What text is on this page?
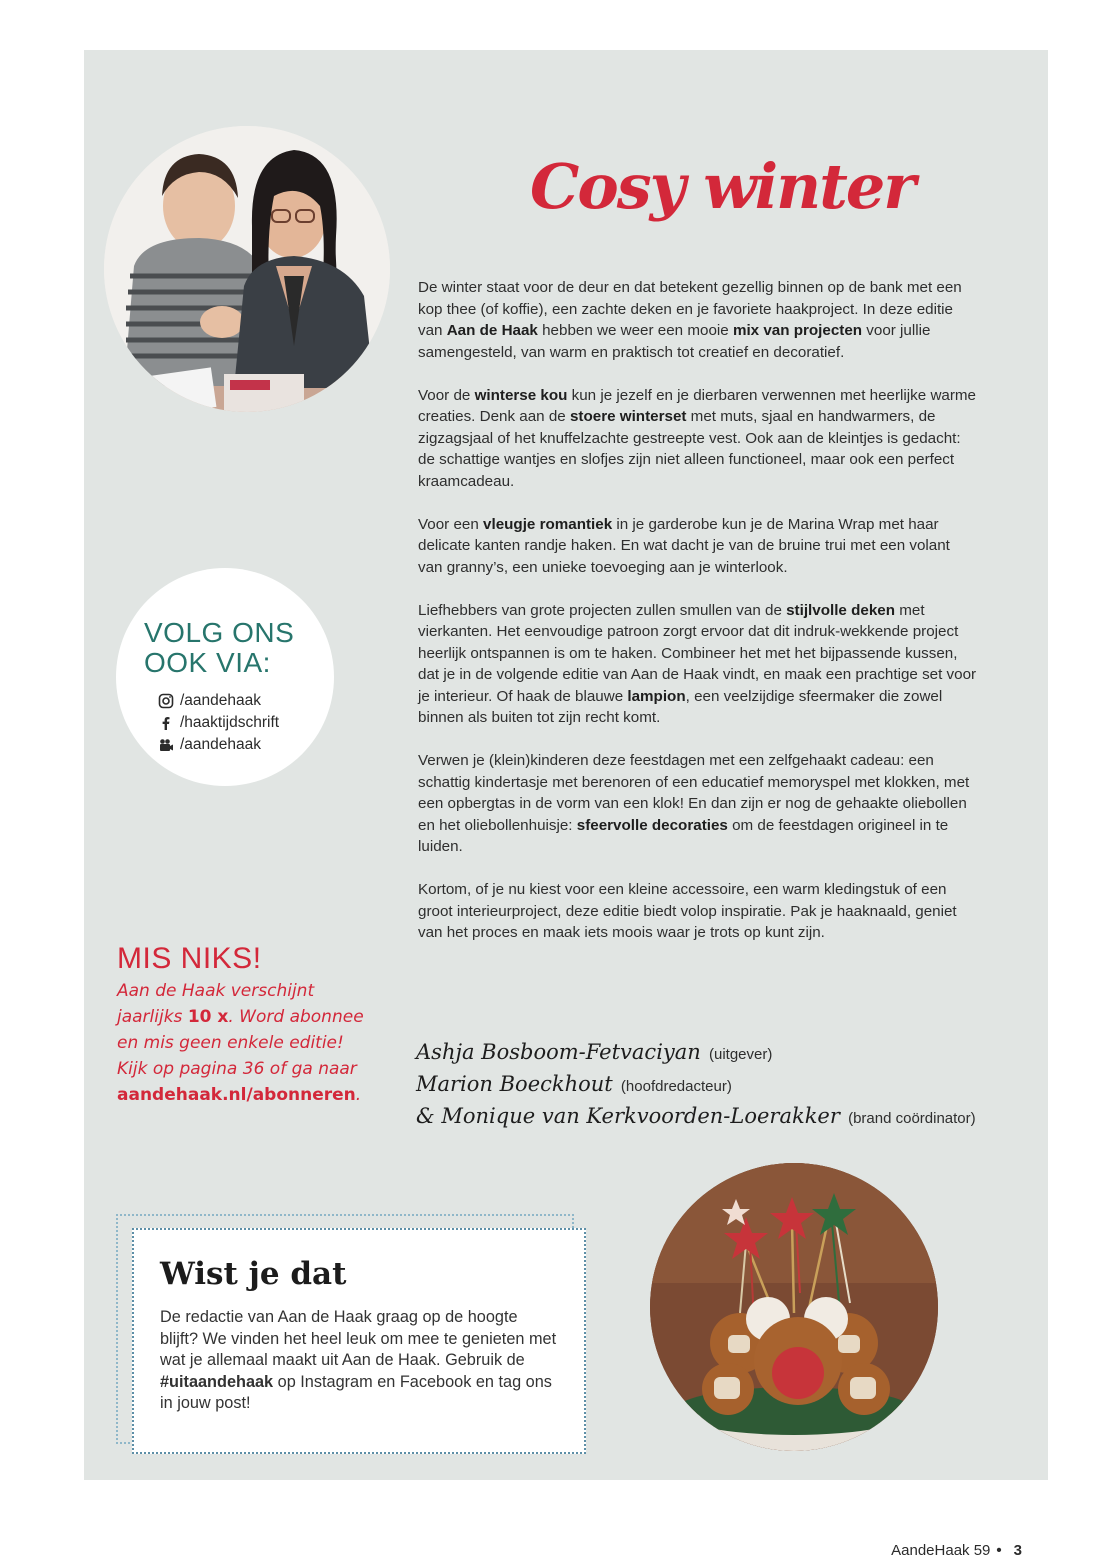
Cosy winter

De winter staat voor de deur en dat betekent gezellig binnen op de bank met een kop thee (of koffie), een zachte deken en je favoriete haakproject. In deze editie van Aan de Haak hebben we weer een mooie mix van projecten voor jullie samengesteld, van warm en praktisch tot creatief en decoratief.

Voor de winterse kou kun je jezelf en je dierbaren verwennen met heerlijke warme creaties. Denk aan de stoere winterset met muts, sjaal en handwarmers, de zigzagsjaal of het knuffelzachte gestreepte vest. Ook aan de kleintjes is gedacht: de schattige wantjes en slofjes zijn niet alleen functioneel, maar ook een perfect kraamcadeau.

Voor een vleugje romantiek in je garderobe kun je de Marina Wrap met haar delicate kanten randje haken. En wat dacht je van de bruine trui met een volant van granny’s, een unieke toevoeging aan je winterlook.

Liefhebbers van grote projecten zullen smullen van de stijlvolle deken met vierkanten. Het eenvoudige patroon zorgt ervoor dat dit indruk-wekkende project heerlijk ontspannen is om te haken. Combineer het met het bijpassende kussen, dat je in de volgende editie van Aan de Haak vindt, en maak een prachtige set voor je interieur. Of haak de blauwe lampion, een veelzijdige sfeermaker die zowel binnen als buiten tot zijn recht komt.

Verwen je (klein)kinderen deze feestdagen met een zelfgehaakt cadeau: een schattig kindertasje met berenoren of een educatief memoryspel met klokken, met een opbergtas in de vorm van een klok! En dan zijn er nog de gehaakte oliebollen en het oliebollenhuisje: sfeervolle decoraties om de feestdagen origineel in te luiden.

Kortom, of je nu kiest voor een kleine accessoire, een warm kledingstuk of een groot interieurproject, deze editie biedt volop inspiratie. Pak je haaknaald, geniet van het proces en maak iets moois waar je trots op kunt zijn.

Ashja Bosboom-Fetvaciyan (uitgever)
Marion Boeckhout (hoofdredacteur)
& Monique van Kerkvoorden-Loerakker (brand coördinator)
VOLG ONS
OOK VIA:
/aandehaak
/haaktijdschrift
/aandehaak
MIS NIKS!
Aan de Haak verschijnt jaarlijks 10 x. Word abonnee en mis geen enkele editie! Kijk op pagina 36 of ga naar aandehaak.nl/abonneren.
Wist je dat
De redactie van Aan de Haak graag op de hoogte blijft? We vinden het heel leuk om mee te genieten met wat je allemaal maakt uit Aan de Haak. Gebruik de #uitaandehaak op Instagram en Facebook en tag ons in jouw post!
AandeHaak 59 • 3
